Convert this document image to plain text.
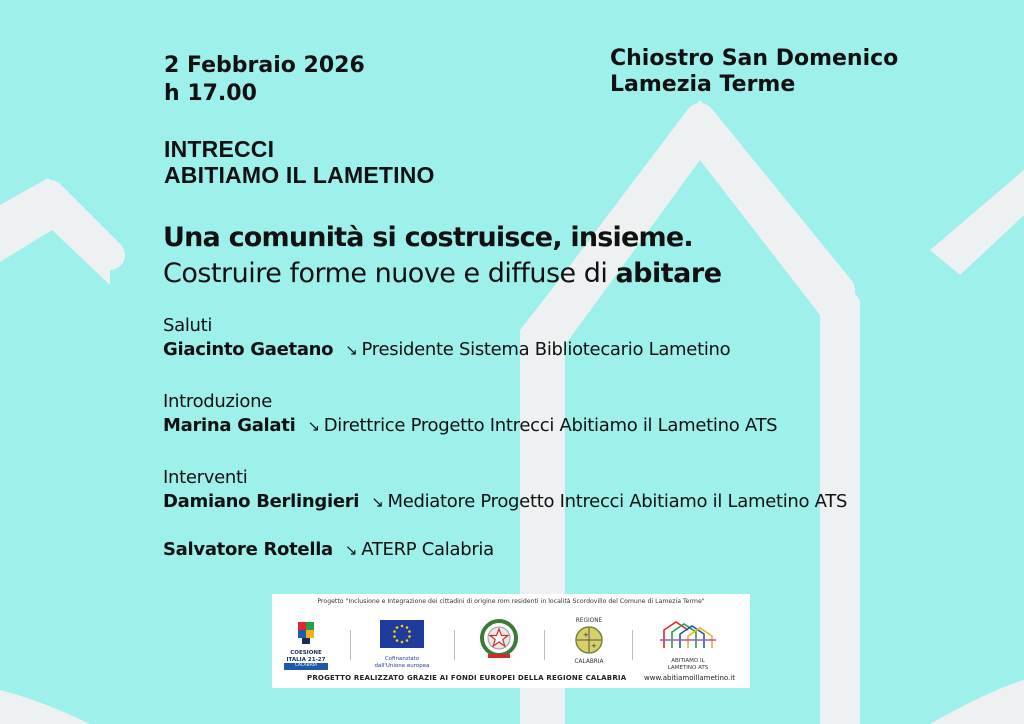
2 Febbraio 2026
h 17.00
Chiostro San Domenico
Lamezia Terme
INTRECCI
ABITIAMO IL LAMETINO
Una comunità si costruisce, insieme.
Costruire forme nuove e diffuse di abitare
Saluti
Giacinto Gaetano ↘ Presidente Sistema Bibliotecario Lametino
Introduzione
Marina Galati ↘ Direttrice Progetto Intrecci Abitiamo il Lametino ATS
Interventi
Damiano Berlingieri ↘ Mediatore Progetto Intrecci Abitiamo il Lametino ATS
Salvatore Rotella ↘ ATERP Calabria
Progetto "Inclusione e Integrazione dei cittadini di origine rom residenti in località Scordovillo del Comune di Lamezia Terme"
COESIONE
ITALIA 21-27
CALABRIA
Cofinanziato
dall'Unione europea
REGIONE
+
+
CALABRIA	ABITIAMO IL
LAMETINO ATS
PROGETTO REALIZZATO GRAZIE AI FONDI EUROPEI DELLA REGIONE CALABRIA	www.abitiamoillametino.it
